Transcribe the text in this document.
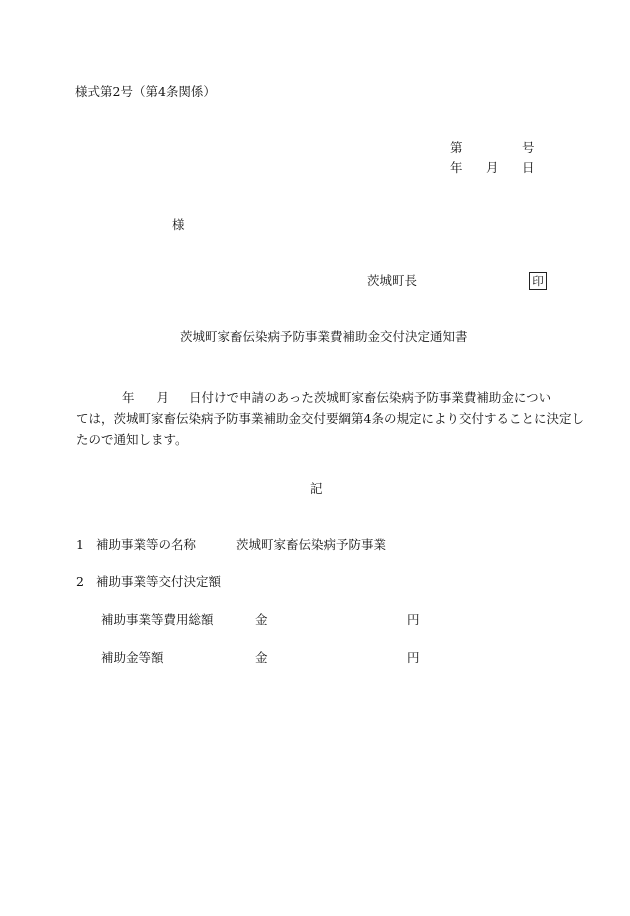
様式第2号（第4条関係）
第	号
年 月 日
様
茨城町長	印
茨城町家畜伝染病予防事業費補助金交付決定通知書
年 月 日付けで申請のあった茨城町家畜伝染病予防事業費補助金につい
ては，茨城町家畜伝染病予防事業補助金交付要綱第4条の規定により交付することに決定し
たので通知します。
記
1 補助事業等の名称	茨城町家畜伝染病予防事業
2 補助事業等交付決定額
補助事業等費用総額	金	円
補助金等額	金	円
